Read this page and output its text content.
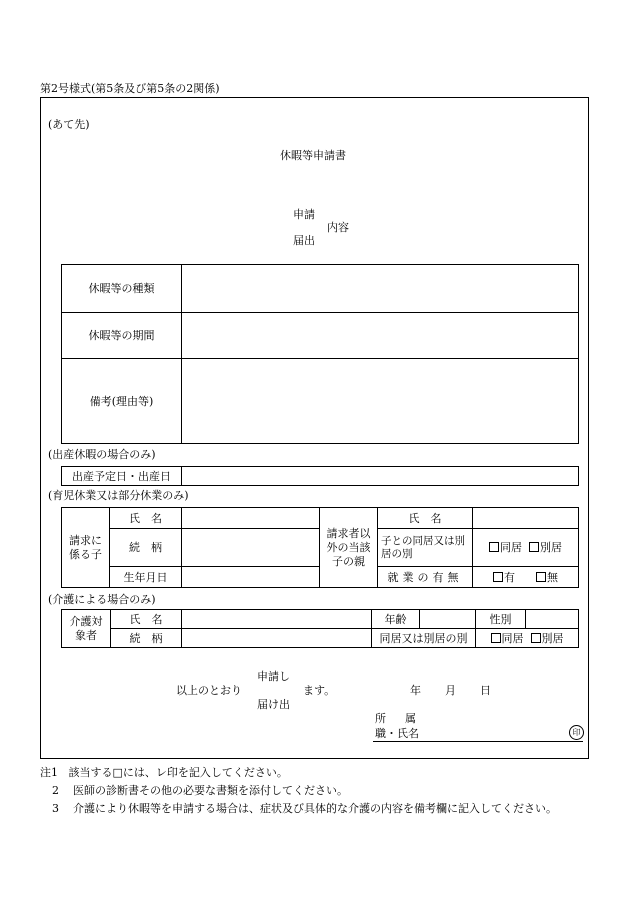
第2号様式(第5条及び第5条の2関係)
(あて先)
休暇等申請書
申請
内容
届出
休暇等の種類	
休暇等の期間	
備考(理由等)	
(出産休暇の場合のみ)
出産予定日・出産日	
(育児休業又は部分休業のみ)
請求に係る子	氏　名		請求者以外の当該子の親	氏　名	
	続　柄			子との同居又は別居の別	同居 別居
	生年月日			就業の有無	有 無
(介護による場合のみ)
介護対象者	氏　名		年齢		性別	
	続　柄		同居又は別居の別		同居 別居	
申請し
以上のとおり	ます。
届け出
年 月 日
所　属
職・氏名	印
注1 該当する□には、レ印を記入してください。
2 医師の診断書その他の必要な書類を添付してください。
3 介護により休暇等を申請する場合は、症状及び具体的な介護の内容を備考欄に記入してください。
